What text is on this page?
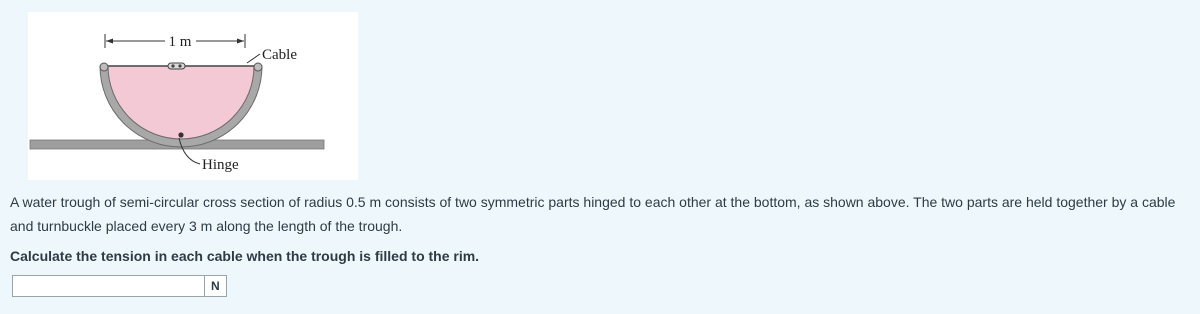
1 m
Cable
Hinge

A water trough of semi-circular cross section of radius 0.5 m consists of two symmetric parts hinged to each other at the bottom, as shown above. The two parts are held together by a cable and turnbuckle placed every 3 m along the length of the trough.

Calculate the tension in each cable when the trough is filled to the rim.

N
